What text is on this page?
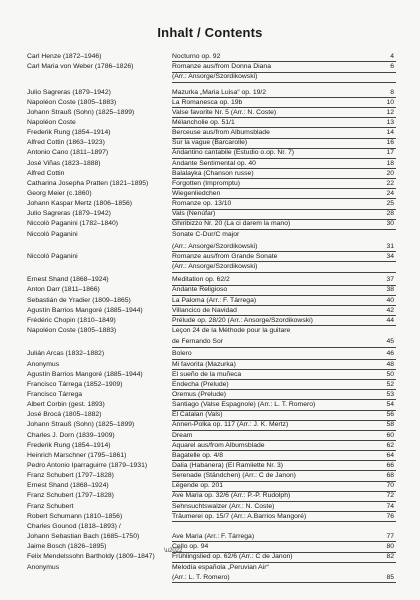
Inhalt / Contents
Carl Henze (1872–1946)	Nocturno op. 92	4
Carl Maria von Weber (1786–1826)	Romanze aus/from Donna Diana	6
(Arr.: Ansorge/Szordikowski)
Julio Sagreras (1879–1942)	Mazurka „Maria Luisa“ op. 19/2	8
Napoléon Coste (1805–1883)	La Romanesca op. 19b	10
Johann Strauß (Sohn) (1825–1899)	Valse favorite Nr. 5 (Arr.: N. Coste)	12
Napoléon Coste	Mélancholie op. 51/1	13
Frederik Rung (1854–1914)	Berceuse aus/from Albumsblade	14
Alfred Cottin (1863–1923)	Sur la vague (Barcarolle)	16
Antonio Cano (1811–1897)	Andantino cantabile (Estudio o.op. Nr. 7)	17
José Viñas (1823–1888)	Andante Sentimental op. 40	18
Alfred Cottin	Balalayka (Chanson russe)	20
Catharina Josepha Pratten (1821–1895)	Forgotten (Impromptu)	22
Georg Meier (c.1860)	Wiegenliedchen	24
Johann Kaspar Mertz (1806–1856)	Romanze op. 13/10	25
Julio Sagreras (1879–1942)	Vals (Nenúfar)	28
Niccolò Paganini (1782–1840)	Ghiribizzo Nr. 20 (La ci darem la mano)	30
Niccolò Paganini	Sonate C-Dur/C major
(Arr.: Ansorge/Szordikowski)	31
Niccolò Paganini	Romanze aus/from Grande Sonate	34
(Arr.: Ansorge/Szordikowski)
Ernest Shand (1868–1924)	Meditation op. 62/2	37
Anton Darr (1811–1866)	Andante Religioso	38
Sebastián de Yradier (1809–1865)	La Paloma (Arr.: F. Tárrega)	40
Agustín Barrios Mangoré (1885–1944)	Villancico de Navidad	42
Frédéric Chopin (1810–1849)	Prélude op. 28/20 (Arr.: Ansorge/Szordikowski)	44
Napoléon Coste (1805–1883)	Leçon 24 de la Méthode pour la guitare
de Fernando Sor	45
Julián Arcas (1832–1882)	Bolero	46
Anonymus	Mi favorita (Mazurka)	48
Agustín Barrios Mangoré (1885–1944)	El sueño de la muñeca	50
Francisco Tárrega (1852–1909)	Endecha (Prelude)	52
Francisco Tárrega	Oremus (Prelude)	53
Albert Corbin (gest. 1893)	Santiago (Valse Espagnole) (Arr.: L. T. Romero)	54
José Brocá (1805–1882)	El Catalan (Vals)	56
Johann Strauß (Sohn) (1825–1899)	Annen-Polka op. 117 (Arr.: J. K. Mertz)	58
Charles J. Dorn (1839–1909)	Dream	60
Frederik Rung (1854–1914)	Aquarel aus/from Albumsblade	62
Heinrich Marschner (1795–1861)	Bagatelle op. 4/8	64
Pedro Antonio Iparraguirre (1879–1931)	Dalia (Habanera) (El Ramilette Nr. 3)	66
Franz Schubert (1797–1828)	Serenade (Ständchen) (Arr.: C de Janon)	68
Ernest Shand (1868–1924)	Légende op. 201	70
Franz Schubert (1797–1828)	Ave Maria op. 32/6 (Arr.: P.-P. Rudolph)	72
Franz Schubert	Sehnsuchtswalzer (Arr.: N. Coste)	74
Robert Schumann (1810–1856)	Träumerei op. 15/7 (Arr.: A.Barrios Mangoré)	76
Charles Gounod (1818–1893) /
Johann Sebastian Bach (1685–1750)	Ave Maria (Arr.: F. Tárrega)	77
Jaime Bosch (1826–1895)	Cello op. 94	80
Felix Mendelssohn Bartholdy (1809–1847)	Frühlingslied op. 62/6 (Arr.: C de Janon)	82
Anonymus	Melodía española „Peruvian Air“
(Arr.: L. T. Romero)	85
\u2022
